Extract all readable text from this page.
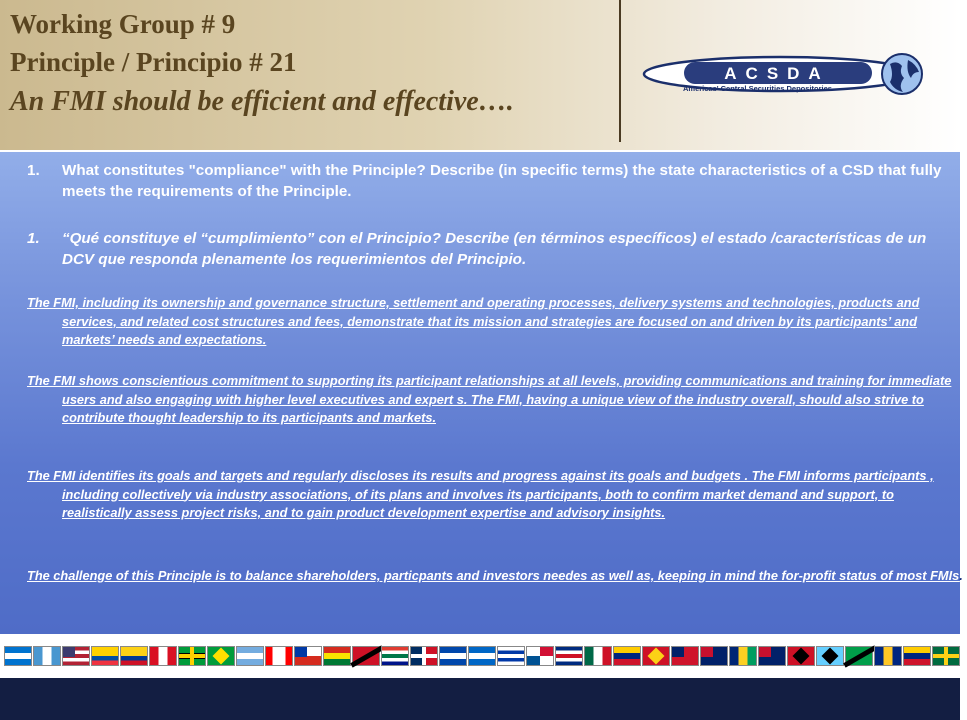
Working Group # 9
Principle / Principio # 21
An FMI should be efficient and effective….
ACSDA
Americas' Central Securities Depositories
1.	What constitutes "compliance" with the Principle? Describe (in specific terms) the state characteristics of a CSD that fully meets the requirements of the Principle.
1.	“Qué constituye el “cumplimiento” con el Principio? Describe (en términos específicos) el estado /características de un DCV que responda plenamente los requerimientos del Principio.

The FMI, including its ownership and governance structure, settlement and operating processes, delivery systems and technologies, products and services, and related cost structures and fees, demonstrate that its mission and strategies are focused on and driven by its participants’ and markets’ needs and expectations.

The FMI shows conscientious commitment to supporting its participant relationships at all levels, providing communications and training for immediate users and also engaging with higher level executives and expert s. The FMI, having a unique view of the industry overall, should also strive to contribute thought leadership to its participants and markets.

The FMI identifies its goals and targets and regularly discloses its results and progress against its goals and budgets . The FMI informs participants , including collectively via industry associations, of its plans and involves its participants, both to confirm market demand and support, to realistically assess project risks, and to gain product development expertise and advisory insights.

The challenge of this Principle is to balance shareholders, particpants and investors needes as well as, keeping in mind the for-profit status of most FMIs.
